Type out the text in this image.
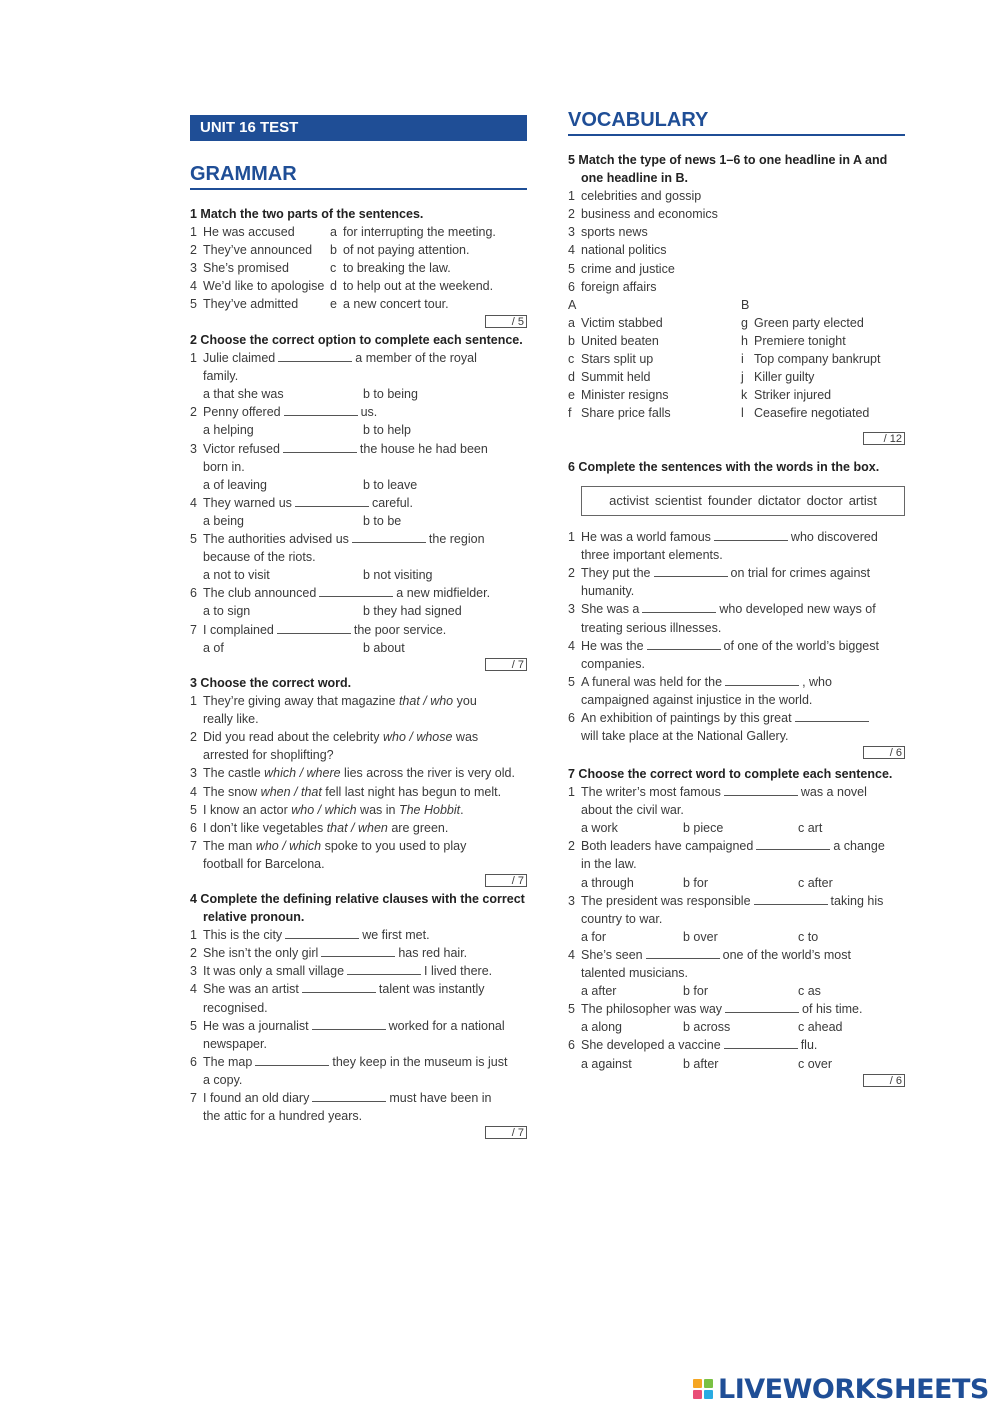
UNIT 16 TEST
GRAMMAR
1 Match the two parts of the sentences.
1 He was accused	a for interrupting the meeting.
2 They’ve announced b of not paying attention.
3 She’s promised	c to breaking the law.
4 We’d like to apologise d to help out at the weekend.
5 They’ve admitted	e a new concert tour.
/ 5
2 Choose the correct option to complete each sentence.
1 Julie claimed	a member of the royal
family.
a that she was	b to being
2 Penny offered	us.
a helping	b to help
3 Victor refused	the house he had been
born in.
a of leaving	b to leave
4 They warned us	careful.
a being	b to be
5 The authorities advised us	the region
because of the riots.
a not to visit	b not visiting
6 The club announced	a new midfielder.
a to sign	b they had signed
7 I complained	the poor service.
a of	b about
/ 7
3 Choose the correct word.
1 They’re giving away that magazine that / who you
really like.
2 Did you read about the celebrity who / whose was
arrested for shoplifting?
3 The castle which / where lies across the river is very old.
4 The snow when / that fell last night has begun to melt.
5 I know an actor who / which was in The Hobbit.
6 I don’t like vegetables that / when are green.
7 The man who / which spoke to you used to play
football for Barcelona.
/ 7
4 Complete the defining relative clauses with the correct relative pronoun.
1 This is the city	we first met.
2 She isn’t the only girl	has red hair.
3 It was only a small village	I lived there.
4 She was an artist	talent was instantly
recognised.
5 He was a journalist	worked for a national
newspaper.
6 The map	they keep in the museum is just
a copy.
7 I found an old diary	must have been in
the attic for a hundred years.
/ 7
VOCABULARY
5 Match the type of news 1–6 to one headline in A and one headline in B.
1 celebrities and gossip
2 business and economics
3 sports news
4 national politics
5 crime and justice
6 foreign affairs
A	B
a Victim stabbed	g Green party elected
b United beaten	h Premiere tonight
c Stars split up	i Top company bankrupt
d Summit held	j Killer guilty
e Minister resigns	k Striker injured
f Share price falls	l Ceasefire negotiated
/ 12
6 Complete the sentences with the words in the box.
activist scientist founder dictator doctor artist
1 He was a world famous	who discovered
three important elements.
2 They put the	on trial for crimes against
humanity.
3 She was a	who developed new ways of
treating serious illnesses.
4 He was the	of one of the world’s biggest
companies.
5 A funeral was held for the	, who
campaigned against injustice in the world.
6 An exhibition of paintings by this great
will take place at the National Gallery.
/ 6
7 Choose the correct word to complete each sentence.
1 The writer’s most famous	was a novel
about the civil war.
a work	b piece	c art
2 Both leaders have campaigned	a change
in the law.
a through	b for	c after
3 The president was responsible	taking his
country to war.
a for	b over	c to
4 She’s seen	one of the world’s most
talented musicians.
a after	b for	c as
5 The philosopher was way	of his time.
a along	b across	c ahead
6 She developed a vaccine	flu.
a against	b after	c over
/ 6
LIVEWORKSHEETS
